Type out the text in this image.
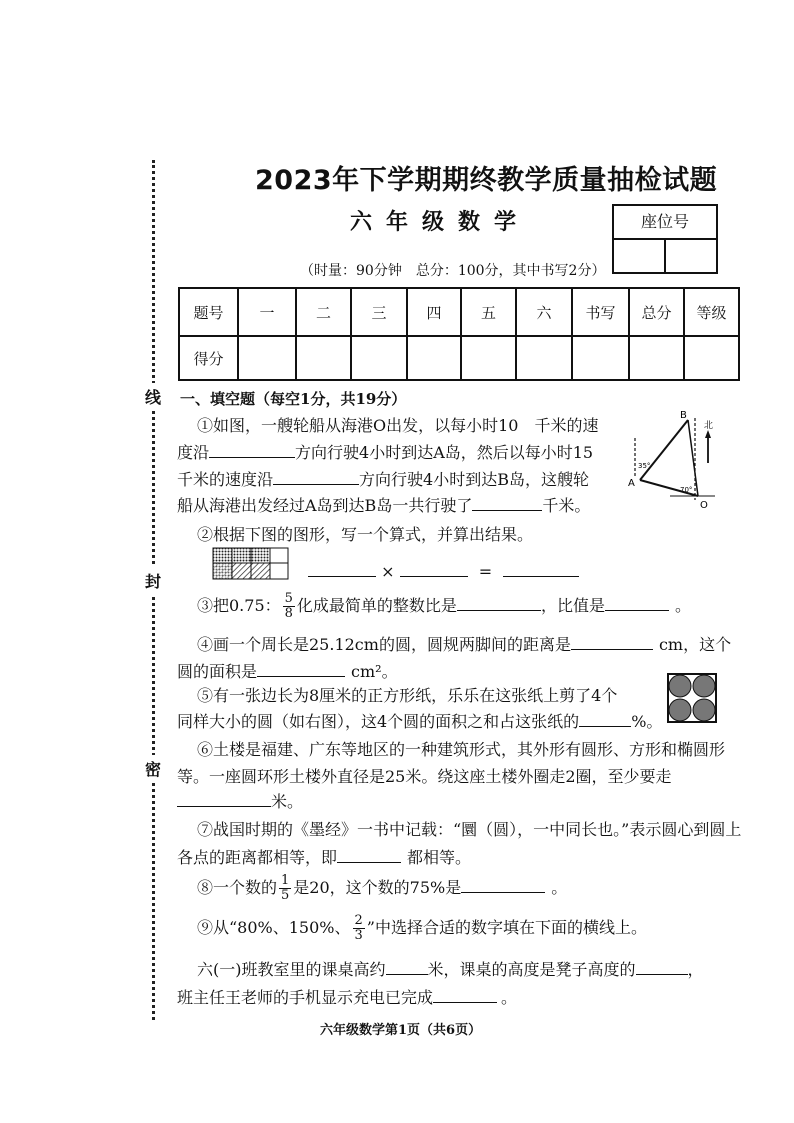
线
封
密
2023年下学期期终教学质量抽检试题
六年级数学	座位号
（时量：90分钟　总分：100分，其中书写2分）
题号	一	二	三	四	五	六	书写	总分	等级
得分									
一、填空题（每空1分，共19分）
①如图，一艘轮船从海港O出发，以每小时10　千米的速
度沿	方向行驶4小时到达A岛，然后以每小时15
千米的速度沿	方向行驶4小时到达B岛，这艘轮
船从海港出发经过A岛到达B岛一共行驶了	千米。
B
A
O
北
35°
70°
②根据下图的图形，写一个算式，并算出结果。
×	=
③把0.75： $\frac{5}{8}$ 化成最简单的整数比是	，比值是	。
④画一个周长是25.12cm的圆，圆规两脚间的距离是	cm，这个
圆的面积是	cm²。
⑤有一张边长为8厘米的正方形纸，乐乐在这张纸上剪了4个
同样大小的圆（如右图），这4个圆的面积之和占这张纸的	%。
⑥土楼是福建、广东等地区的一种建筑形式，其外形有圆形、方形和椭圆形
等。一座圆环形土楼外直径是25米。绕这座土楼外圈走2圈，至少要走
米。
⑦战国时期的《墨经》一书中记载：“圜（圆），一中同长也。”表示圆心到圆上
各点的距离都相等，即	都相等。
⑧一个数的 $\frac{1}{5}$ 是20，这个数的75%是	。
⑨从“80%、150%、 $\frac{2}{3}$ ”中选择合适的数字填在下面的横线上。
六(一)班教室里的课桌高约	米，课桌的高度是凳子高度的	，
班主任王老师的手机显示充电已完成	。
六年级数学第1页（共6页）
